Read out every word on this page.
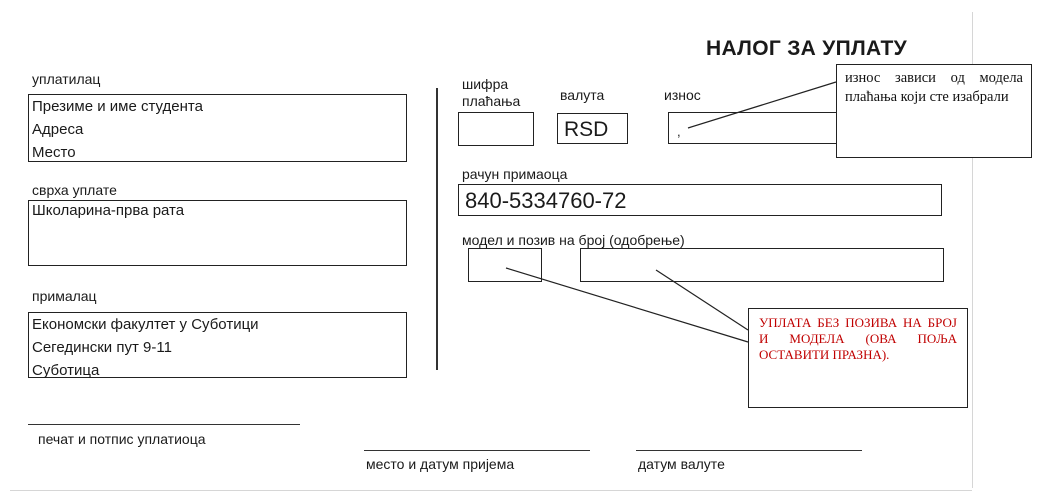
НАЛОГ ЗА УПЛАТУ
уплатилац
Презиме и име студента
Адреса
Место
сврха уплате
Школарина-прва рата
прималац
Економски факултет у Суботици
Сегедински пут 9-11
Суботица
печат и потпис уплатиоца
шифра
плаћања	валута
RSD
износ
,
рачун примаоца
840-5334760-72
модел и позив на број (одобрење)
место и датум пријема	датум валуте
износ зависи од модела плаћања који сте изабрали
УПЛАТА БЕЗ ПОЗИВА НА БРОЈ И МОДЕЛА (ОВА ПОЉА ОСТАВИТИ ПРАЗНА).
